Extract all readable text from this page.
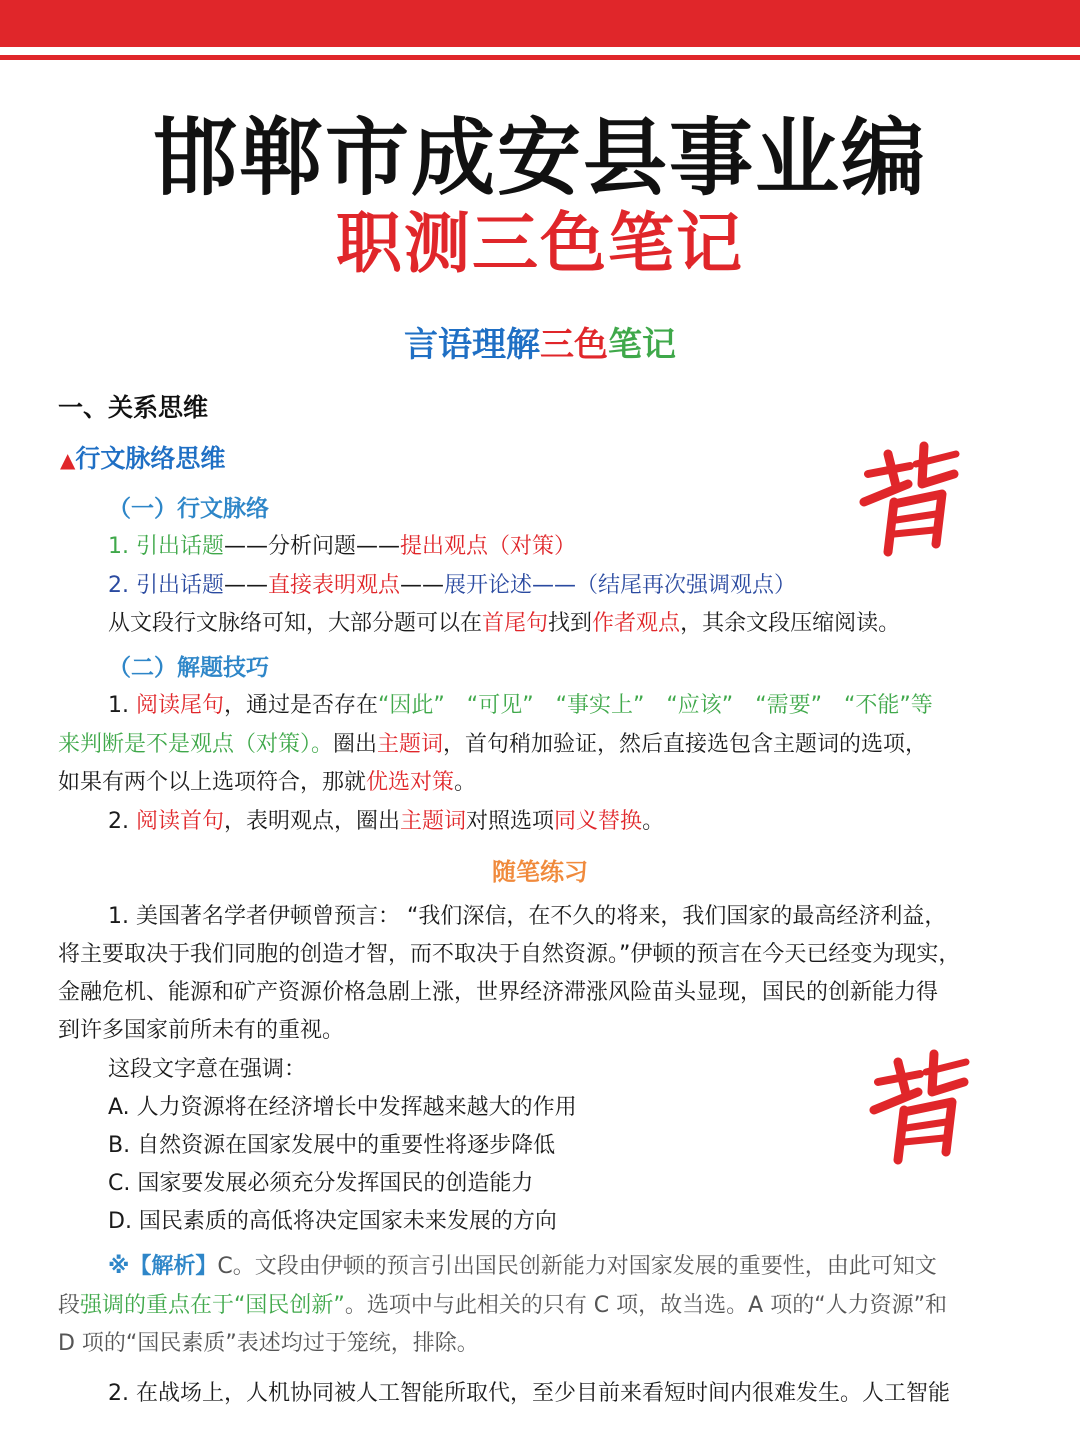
邯郸市成安县事业编
职测三色笔记
言语理解三色笔记
一、关系思维
▲行文脉络思维
（一）行文脉络
1. 引出话题——分析问题——提出观点（对策）
2. 引出话题——直接表明观点——展开论述——（结尾再次强调观点）
从文段行文脉络可知，大部分题可以在首尾句找到作者观点，其余文段压缩阅读。
（二）解题技巧
1. 阅读尾句，通过是否存在“因此”　“可见”　“事实上”　“应该”　“需要”　“不能”等
来判断是不是观点（对策）。圈出主题词，首句稍加验证，然后直接选包含主题词的选项，
如果有两个以上选项符合，那就优选对策。
2. 阅读首句，表明观点，圈出主题词对照选项同义替换。
随笔练习
1. 美国著名学者伊顿曾预言： “我们深信，在不久的将来，我们国家的最高经济利益，
将主要取决于我们同胞的创造才智，而不取决于自然资源。”伊顿的预言在今天已经变为现实，
金融危机、能源和矿产资源价格急剧上涨，世界经济滞涨风险苗头显现，国民的创新能力得
到许多国家前所未有的重视。
这段文字意在强调：
A. 人力资源将在经济增长中发挥越来越大的作用
B. 自然资源在国家发展中的重要性将逐步降低
C. 国家要发展必须充分发挥国民的创造能力
D. 国民素质的高低将决定国家未来发展的方向
※【解析】C。文段由伊顿的预言引出国民创新能力对国家发展的重要性，由此可知文
段强调的重点在于“国民创新”。选项中与此相关的只有 C 项，故当选。A 项的“人力资源”和
D 项的“国民素质”表述均过于笼统，排除。
2. 在战场上，人机协同被人工智能所取代，至少目前来看短时间内很难发生。人工智能
